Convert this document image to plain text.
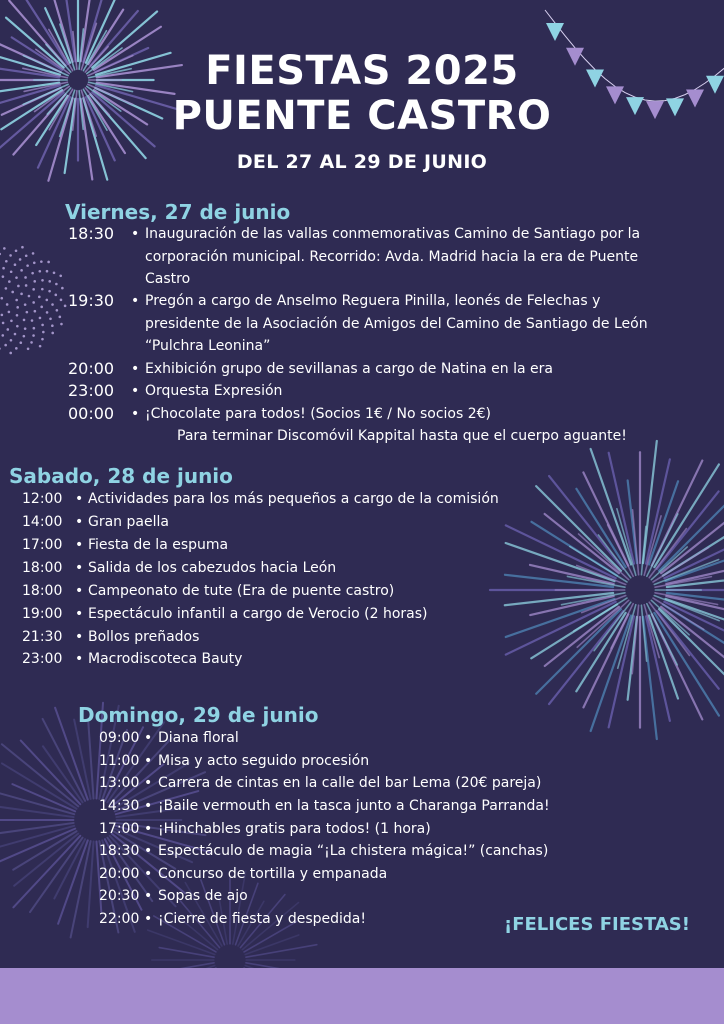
FIESTAS 2025
PUENTE CASTRO
DEL 27 AL 29 DE JUNIO
Viernes, 27 de junio
18:30 • Inauguración de las vallas conmemorativas Camino de Santiago por la
corporación municipal. Recorrido: Avda. Madrid hacia la era de Puente
Castro
19:30 • Pregón a cargo de Anselmo Reguera Pinilla, leonés de Felechas y
presidente de la Asociación de Amigos del Camino de Santiago de León
“Pulchra Leonina”
20:00 • Exhibición grupo de sevillanas a cargo de Natina en la era
23:00 • Orquesta Expresión
00:00 • ¡Chocolate para todos! (Socios 1€ / No socios 2€)
Para terminar Discomóvil Kappital hasta que el cuerpo aguante!
Sabado, 28 de junio
12:00 • Actividades para los más pequeños a cargo de la comisión
14:00 • Gran paella
17:00 • Fiesta de la espuma
18:00 • Salida de los cabezudos hacia León
18:00 • Campeonato de tute (Era de puente castro)
19:00 • Espectáculo infantil a cargo de Verocio (2 horas)
21:30 • Bollos preñados
23:00 • Macrodiscoteca Bauty
Domingo, 29 de junio
09:00 • Diana floral
11:00 • Misa y acto seguido procesión
13:00 • Carrera de cintas en la calle del bar Lema (20€ pareja)
14:30 • ¡Baile vermouth en la tasca junto a Charanga Parranda!
17:00 • ¡Hinchables gratis para todos! (1 hora)
18:30 • Espectáculo de magia “¡La chistera mágica!” (canchas)
20:00 • Concurso de tortilla y empanada
20:30 • Sopas de ajo
22:00 • ¡Cierre de fiesta y despedida!	¡FELICES FIESTAS!
